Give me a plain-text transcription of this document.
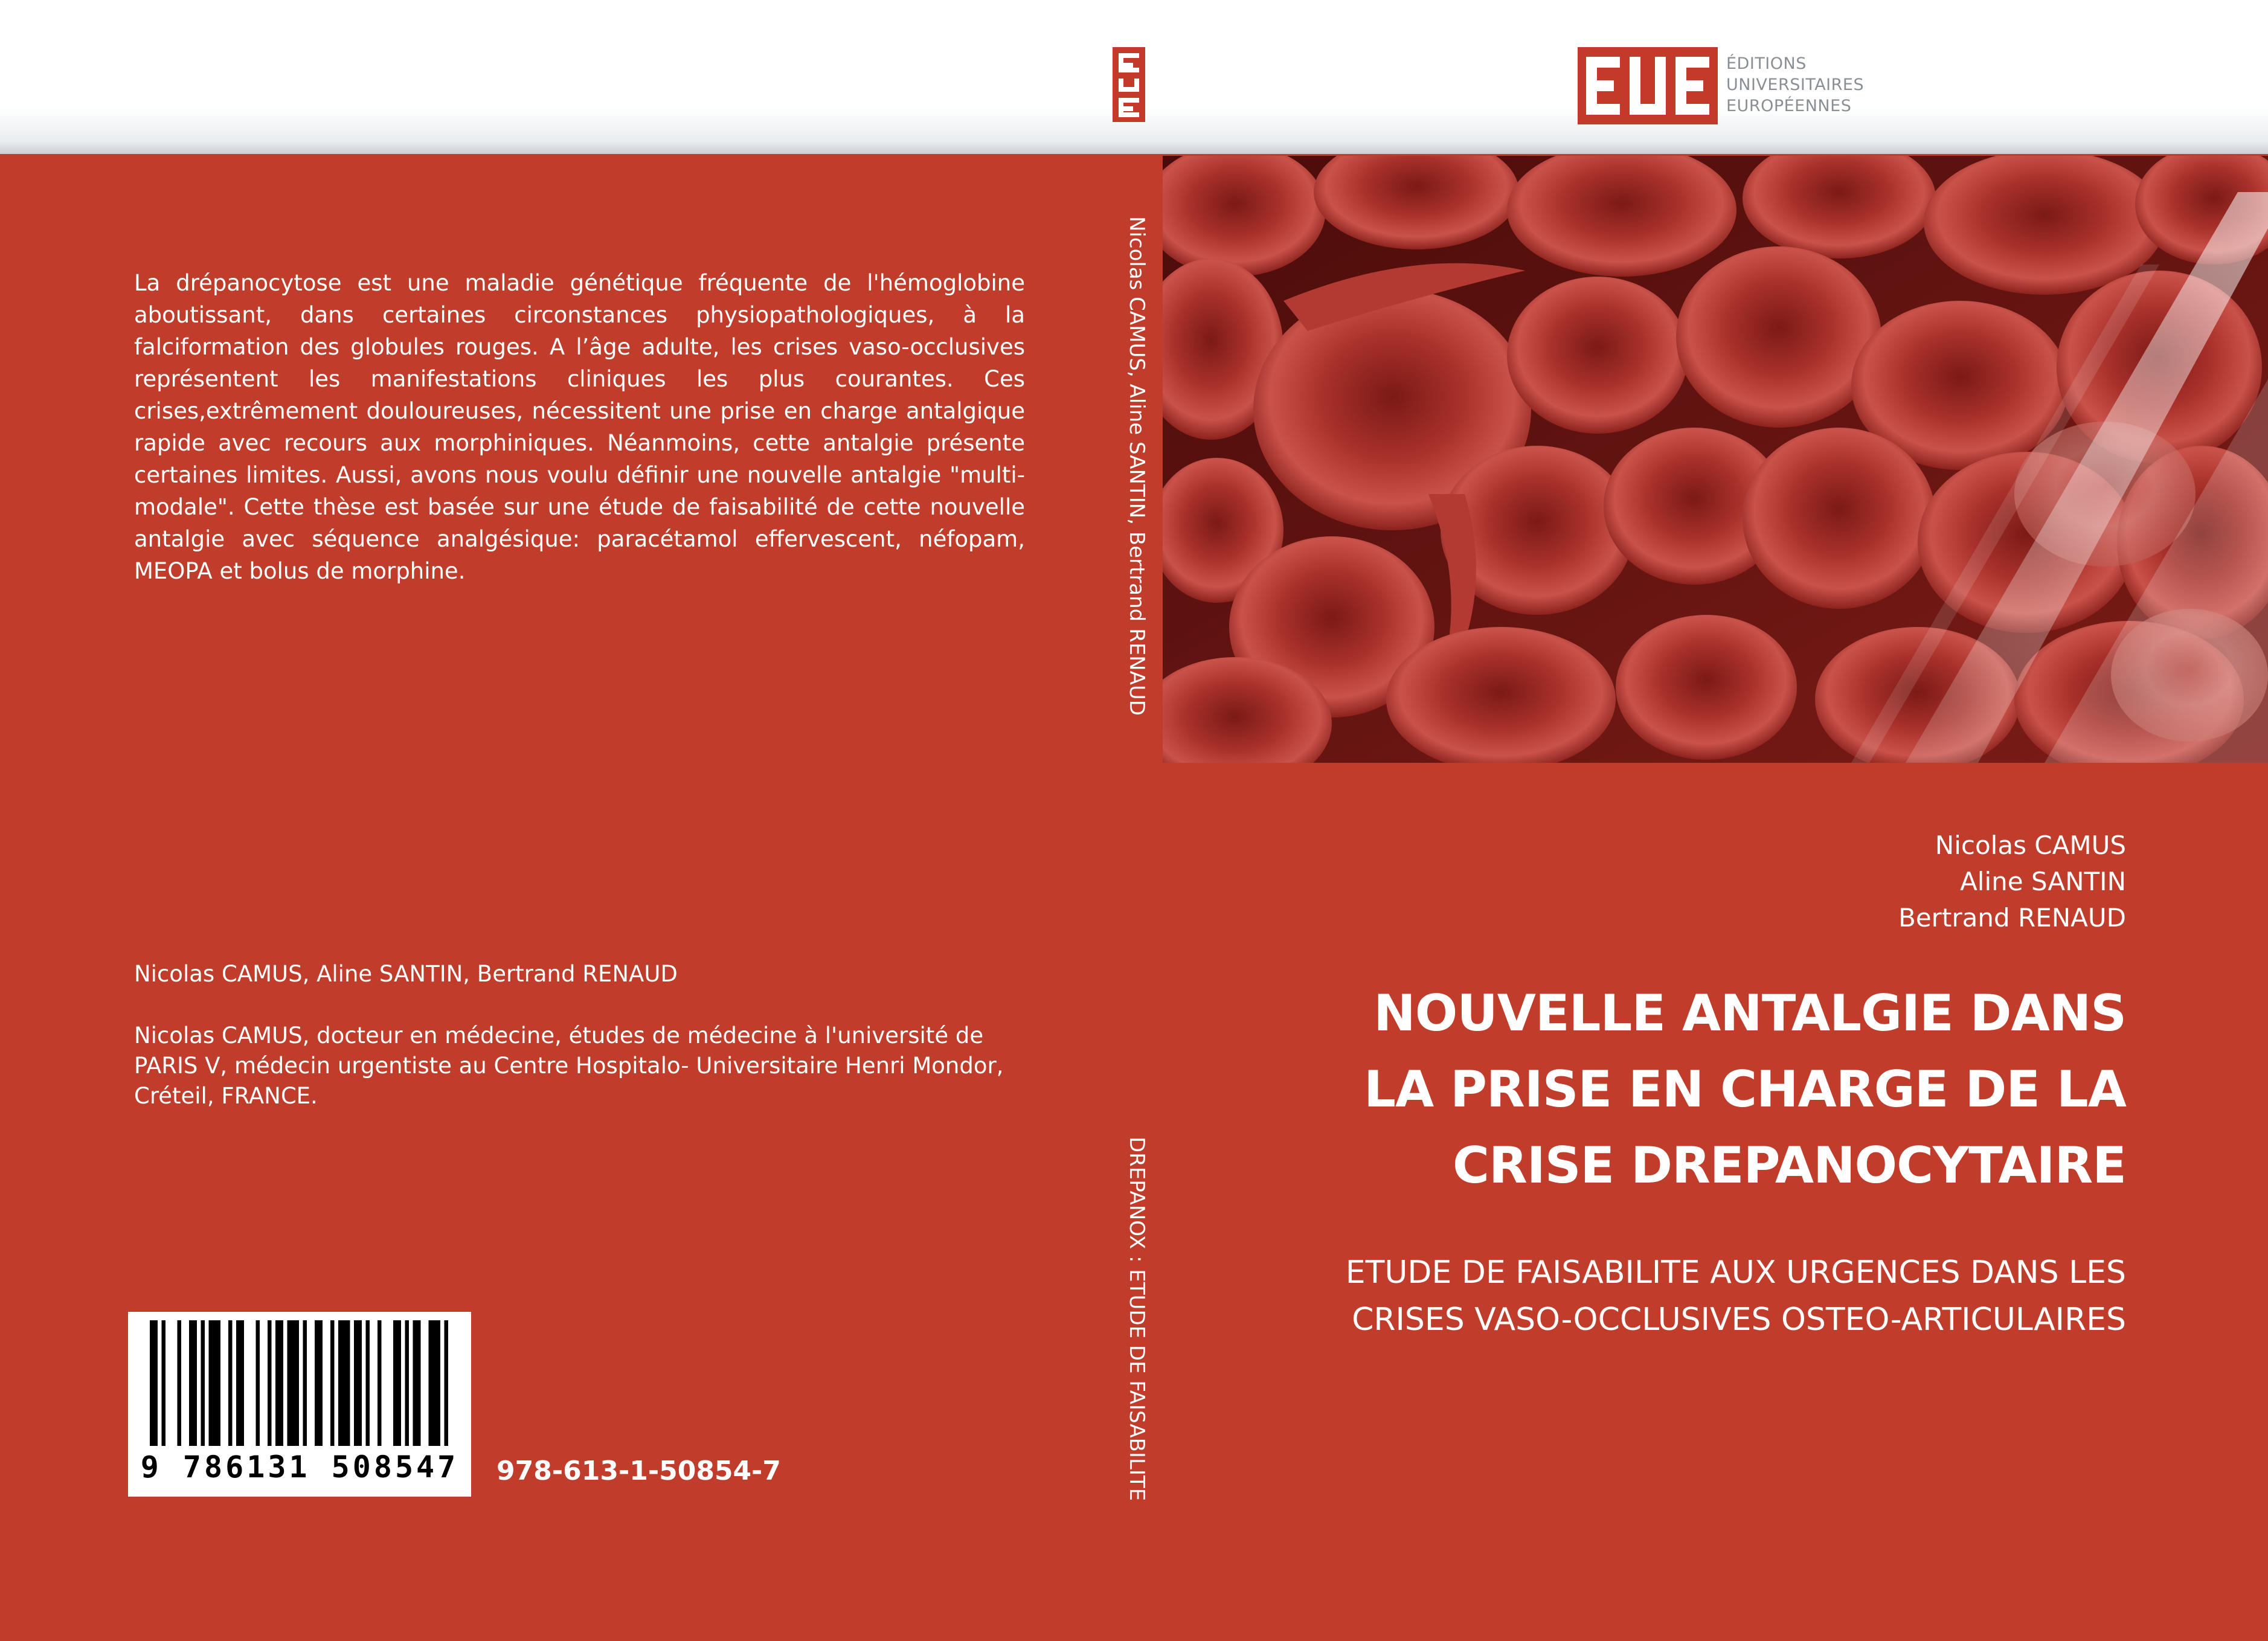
ÉDITIONS
UNIVERSITAIRES
EUROPÉENNES
La drépanocytose est une maladie génétique fréquente de l'hémoglobine aboutissant, dans certaines circonstances physiopathologiques, à la falciformation des globules rouges. A l’âge adulte, les crises vaso-occlusives représentent les manifestations cliniques les plus courantes. Ces crises,extrêmement douloureuses, nécessitent une prise en charge antalgique rapide avec recours aux morphiniques. Néanmoins, cette antalgie présente certaines limites. Aussi, avons nous voulu définir une nouvelle antalgie "multi- modale". Cette thèse est basée sur une étude de faisabilité de cette nouvelle antalgie avec séquence analgésique: paracétamol effervescent, néfopam, MEOPA et bolus de morphine.
Nicolas CAMUS, Aline SANTIN, Bertrand RENAUD
Nicolas CAMUS, docteur en médecine, études de médecine à l'université de PARIS V, médecin urgentiste au Centre Hospitalo- Universitaire Henri Mondor, Créteil, FRANCE.
9 786131 508547	978-613-1-50854-7
Nicolas CAMUS, Aline SANTIN, Bertrand RENAUD
DREPANOX : ETUDE DE FAISABILITE
Nicolas CAMUS
Aline SANTIN
Bertrand RENAUD
NOUVELLE ANTALGIE DANS
LA PRISE EN CHARGE DE LA
CRISE DREPANOCYTAIRE
ETUDE DE FAISABILITE AUX URGENCES DANS LES
CRISES VASO-OCCLUSIVES OSTEO-ARTICULAIRES
